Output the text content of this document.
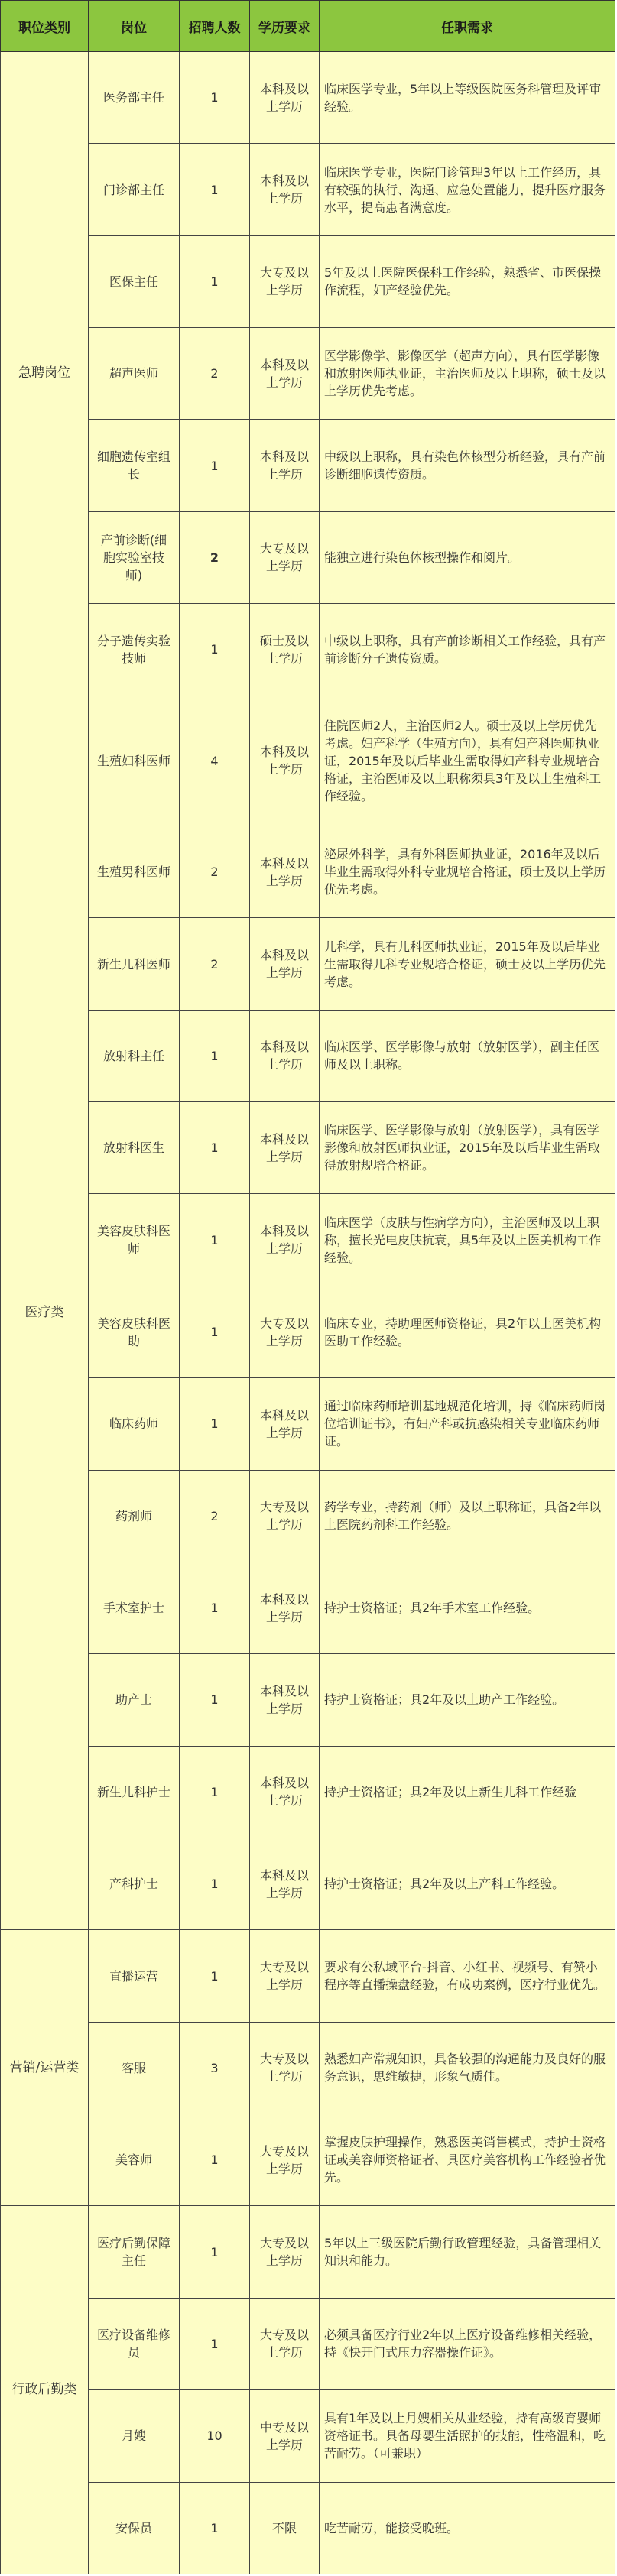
职位类别	岗位	招聘人数	学历要求	任职需求
急聘岗位	医务部主任	1	本科及以上学历	临床医学专业，5年以上等级医院医务科管理及评审经验。
	门诊部主任	1	本科及以上学历	临床医学专业，医院门诊管理3年以上工作经历，具有较强的执行、沟通、应急处置能力，提升医疗服务水平，提高患者满意度。
	医保主任	1	大专及以上学历	5年及以上医院医保科工作经验，熟悉省、市医保操作流程，妇产经验优先。
	超声医师	2	本科及以上学历	医学影像学、影像医学（超声方向），具有医学影像和放射医师执业证，主治医师及以上职称，硕士及以上学历优先考虑。
	细胞遗传室组长	1	本科及以上学历	中级以上职称，具有染色体核型分析经验，具有产前诊断细胞遗传资质。
	产前诊断(细胞实验室技师)	2	大专及以上学历	能独立进行染色体核型操作和阅片。
	分子遗传实验技师	1	硕士及以上学历	中级以上职称，具有产前诊断相关工作经验，具有产前诊断分子遗传资质。
医疗类	生殖妇科医师	4	本科及以上学历	住院医师2人，主治医师2人。硕士及以上学历优先考虑。妇产科学（生殖方向），具有妇产科医师执业证，2015年及以后毕业生需取得妇产科专业规培合格证，主治医师及以上职称须具3年及以上生殖科工作经验。
	生殖男科医师	2	本科及以上学历	泌尿外科学，具有外科医师执业证，2016年及以后毕业生需取得外科专业规培合格证，硕士及以上学历优先考虑。
	新生儿科医师	2	本科及以上学历	儿科学，具有儿科医师执业证，2015年及以后毕业生需取得儿科专业规培合格证，硕士及以上学历优先考虑。
	放射科主任	1	本科及以上学历	临床医学、医学影像与放射（放射医学），副主任医师及以上职称。
	放射科医生	1	本科及以上学历	临床医学、医学影像与放射（放射医学），具有医学影像和放射医师执业证，2015年及以后毕业生需取得放射规培合格证。
	美容皮肤科医师	1	本科及以上学历	临床医学（皮肤与性病学方向），主治医师及以上职称，擅长光电皮肤抗衰，具5年及以上医美机构工作经验。
	美容皮肤科医助	1	大专及以上学历	临床专业，持助理医师资格证，具2年以上医美机构医助工作经验。
	临床药师	1	本科及以上学历	通过临床药师培训基地规范化培训，持《临床药师岗位培训证书》，有妇产科或抗感染相关专业临床药师证。
	药剂师	2	大专及以上学历	药学专业，持药剂（师）及以上职称证，具备2年以上医院药剂科工作经验。
	手术室护士	1	本科及以上学历	持护士资格证；具2年手术室工作经验。
	助产士	1	本科及以上学历	持护士资格证；具2年及以上助产工作经验。
	新生儿科护士	1	本科及以上学历	持护士资格证；具2年及以上新生儿科工作经验
	产科护士	1	本科及以上学历	持护士资格证；具2年及以上产科工作经验。
营销/运营类	直播运营	1	大专及以上学历	要求有公私域平台-抖音、小红书、视频号、有赞小程序等直播操盘经验，有成功案例，医疗行业优先。
	客服	3	大专及以上学历	熟悉妇产常规知识，具备较强的沟通能力及良好的服务意识，思维敏捷，形象气质佳。
	美容师	1	大专及以上学历	掌握皮肤护理操作，熟悉医美销售模式，持护士资格证或美容师资格证者、具医疗美容机构工作经验者优先。
行政后勤类	医疗后勤保障主任	1	大专及以上学历	5年以上三级医院后勤行政管理经验，具备管理相关知识和能力。
	医疗设备维修员	1	大专及以上学历	必须具备医疗行业2年以上医疗设备维修相关经验，持《快开门式压力容器操作证》。
	月嫂	10	中专及以上学历	具有1年及以上月嫂相关从业经验，持有高级育婴师资格证书。具备母婴生活照护的技能，性格温和，吃苦耐劳。（可兼职）
	安保员	1	不限	吃苦耐劳，能接受晚班。
